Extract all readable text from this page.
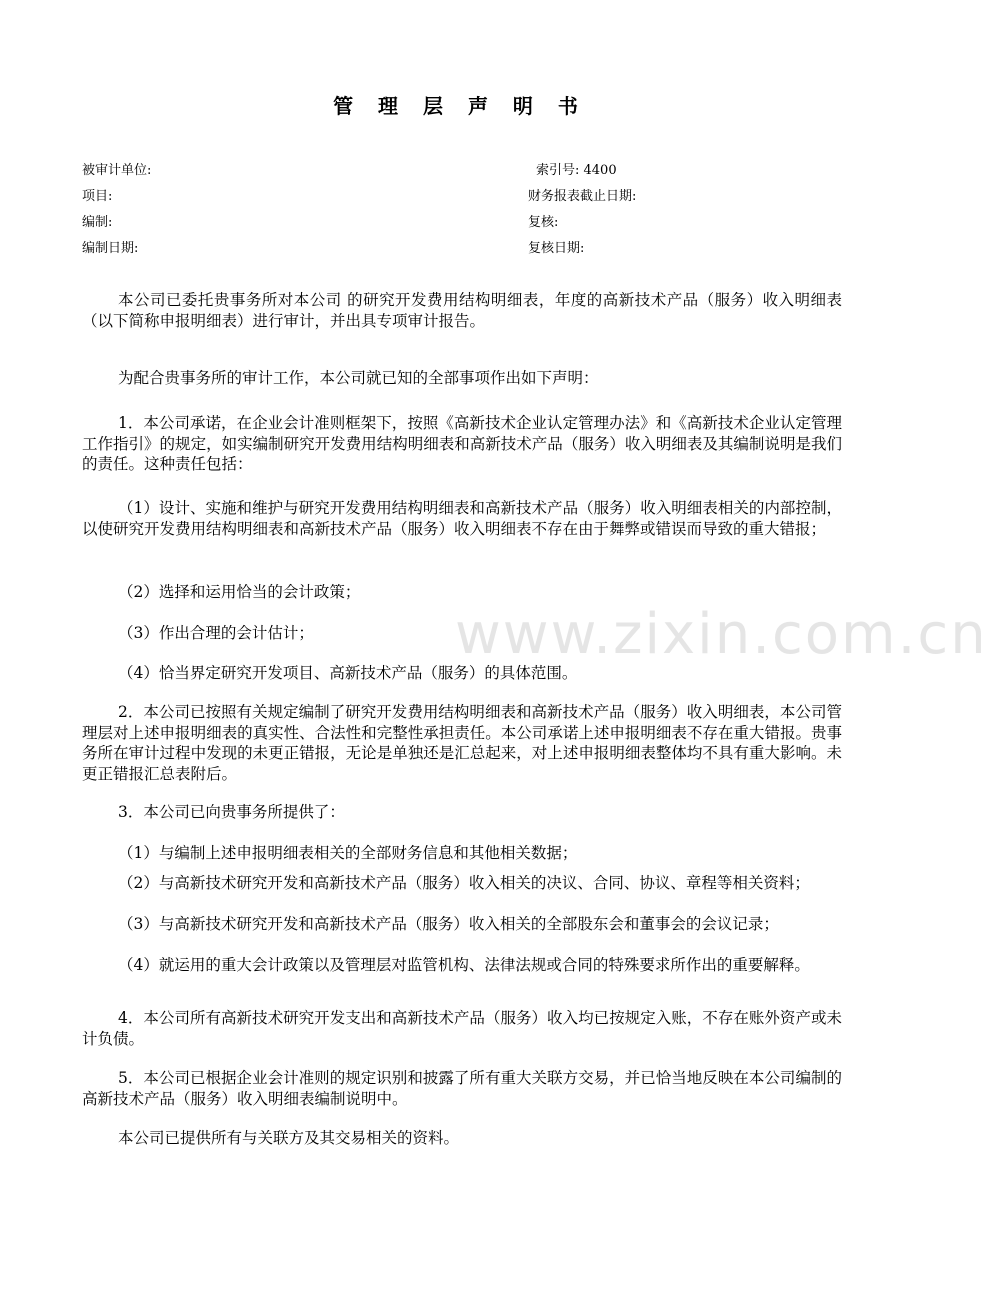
管 理 层 声 明 书
被审计单位:
项目:
编制:
编制日期:
索引号: 4400
财务报表截止日期:
复核:
复核日期:

本公司已委托贵事务所对本公司 的研究开发费用结构明细表，年度的高新技术产品（服务）收入明细表（以下简称申报明细表）进行审计，并出具专项审计报告。

为配合贵事务所的审计工作，本公司就已知的全部事项作出如下声明：

1．本公司承诺，在企业会计准则框架下，按照《高新技术企业认定管理办法》和《高新技术企业认定管理工作指引》的规定，如实编制研究开发费用结构明细表和高新技术产品（服务）收入明细表及其编制说明是我们的责任。这种责任包括：

（1）设计、实施和维护与研究开发费用结构明细表和高新技术产品（服务）收入明细表相关的内部控制，以使研究开发费用结构明细表和高新技术产品（服务）收入明细表不存在由于舞弊或错误而导致的重大错报；

（2）选择和运用恰当的会计政策；

（3）作出合理的会计估计；

（4）恰当界定研究开发项目、高新技术产品（服务）的具体范围。

2．本公司已按照有关规定编制了研究开发费用结构明细表和高新技术产品（服务）收入明细表，本公司管理层对上述申报明细表的真实性、合法性和完整性承担责任。本公司承诺上述申报明细表不存在重大错报。贵事务所在审计过程中发现的未更正错报，无论是单独还是汇总起来，对上述申报明细表整体均不具有重大影响。未更正错报汇总表附后。

3．本公司已向贵事务所提供了：

（1）与编制上述申报明细表相关的全部财务信息和其他相关数据；

（2）与高新技术研究开发和高新技术产品（服务）收入相关的决议、合同、协议、章程等相关资料；

（3）与高新技术研究开发和高新技术产品（服务）收入相关的全部股东会和董事会的会议记录；

（4）就运用的重大会计政策以及管理层对监管机构、法律法规或合同的特殊要求所作出的重要解释。

4．本公司所有高新技术研究开发支出和高新技术产品（服务）收入均已按规定入账，不存在账外资产或未计负债。

5．本公司已根据企业会计准则的规定识别和披露了所有重大关联方交易，并已恰当地反映在本公司编制的高新技术产品（服务）收入明细表编制说明中。

本公司已提供所有与关联方及其交易相关的资料。

www.zixin.com.cn
